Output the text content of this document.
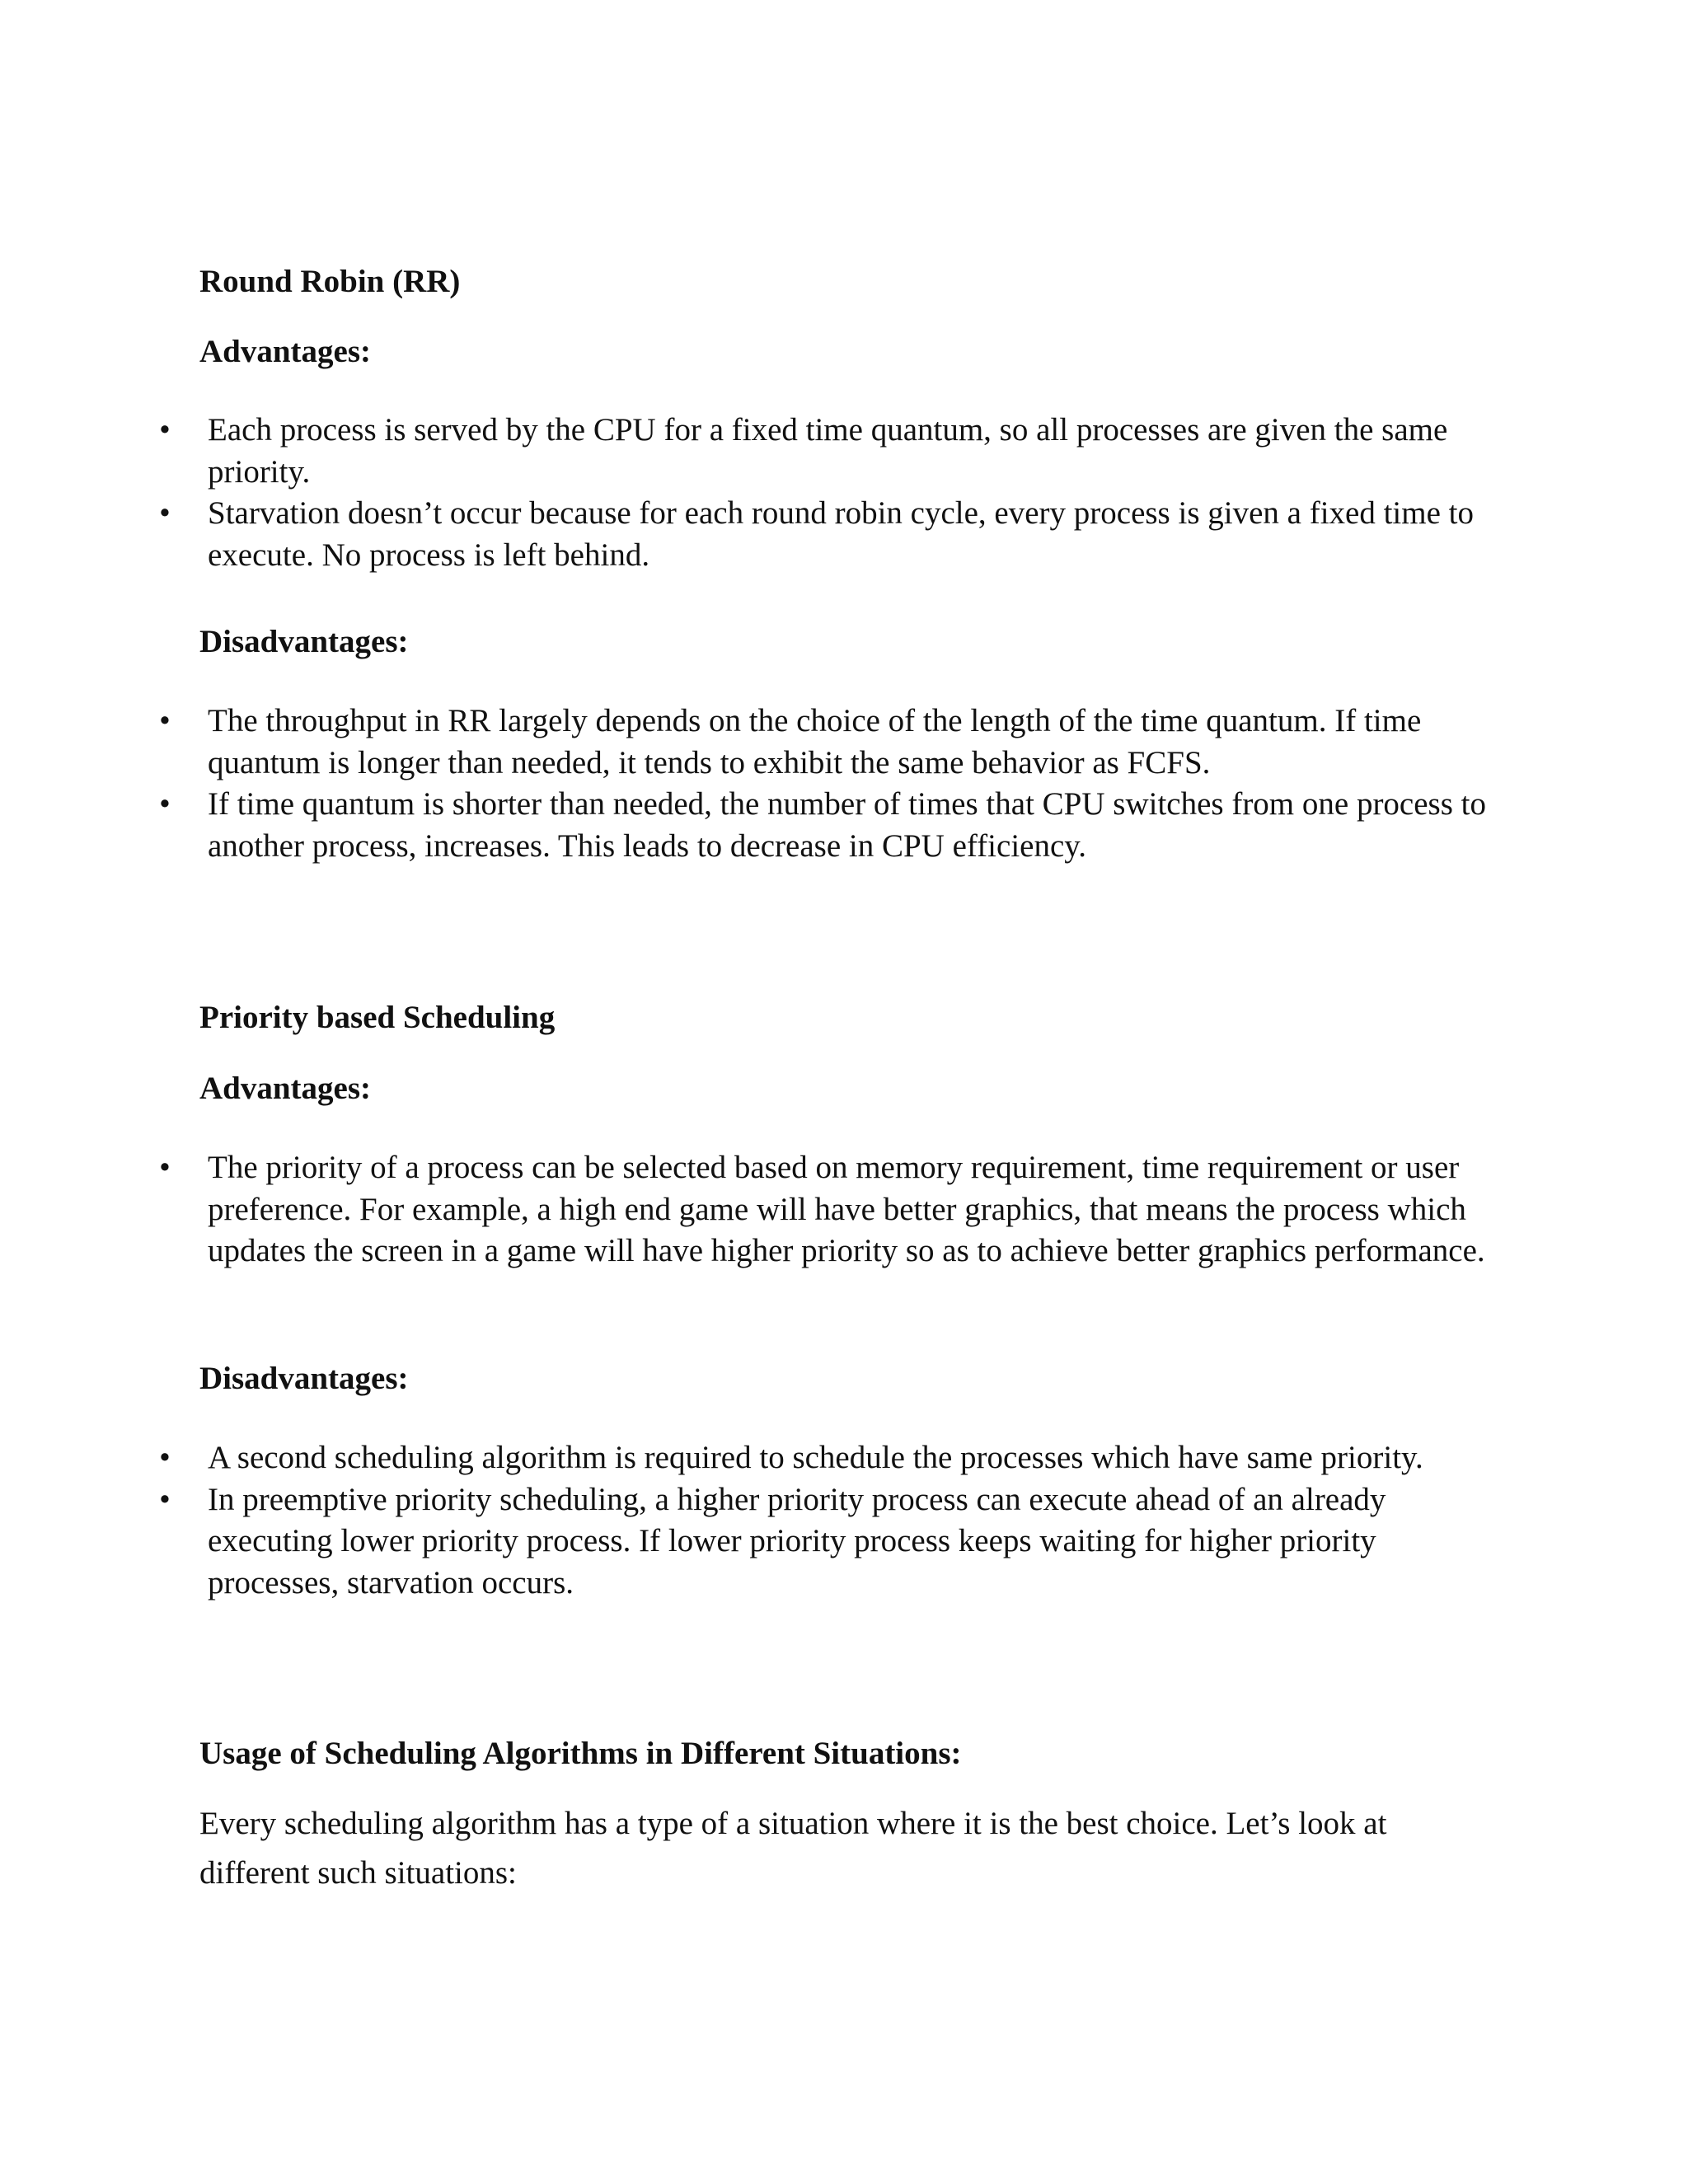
Round Robin (RR)
Advantages:
• Each process is served by the CPU for a fixed time quantum, so all processes are given the same priority.
• Starvation doesn’t occur because for each round robin cycle, every process is given a fixed time to execute. No process is left behind.
Disadvantages:
• The throughput in RR largely depends on the choice of the length of the time quantum. If time quantum is longer than needed, it tends to exhibit the same behavior as FCFS.
• If time quantum is shorter than needed, the number of times that CPU switches from one process to another process, increases. This leads to decrease in CPU efficiency.
Priority based Scheduling
Advantages:
• The priority of a process can be selected based on memory requirement, time requirement or user preference. For example, a high end game will have better graphics, that means the process which updates the screen in a game will have higher priority so as to achieve better graphics performance.
Disadvantages:
• A second scheduling algorithm is required to schedule the processes which have same priority.
• In preemptive priority scheduling, a higher priority process can execute ahead of an already executing lower priority process. If lower priority process keeps waiting for higher priority processes, starvation occurs.
Usage of Scheduling Algorithms in Different Situations:

Every scheduling algorithm has a type of a situation where it is the best choice. Let’s look at different such situations:
